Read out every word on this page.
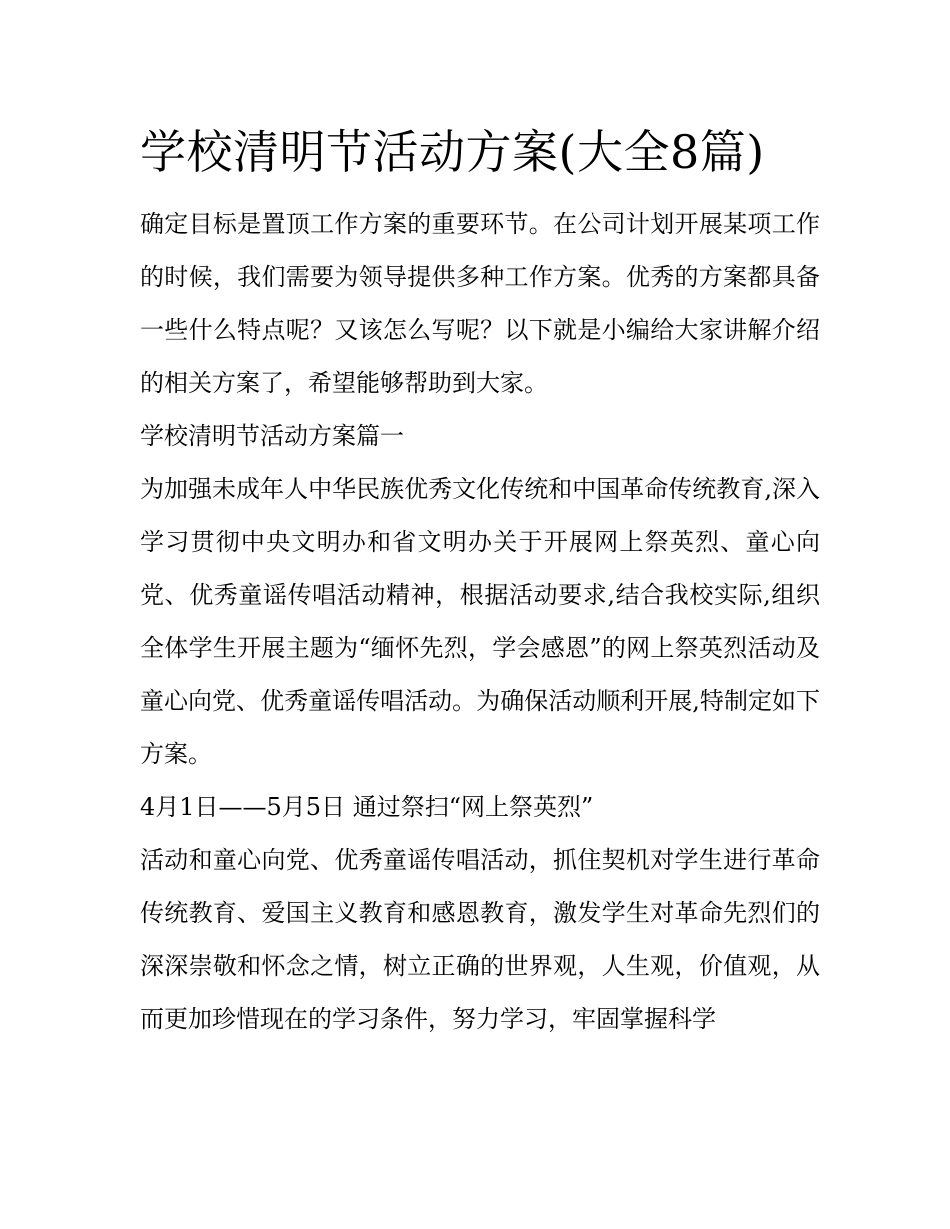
学校清明节活动方案(大全8篇)

确定目标是置顶工作方案的重要环节。在公司计划开展某项工作的时候，我们需要为领导提供多种工作方案。优秀的方案都具备一些什么特点呢？又该怎么写呢？以下就是小编给大家讲解介绍的相关方案了，希望能够帮助到大家。

学校清明节活动方案篇一

为加强未成年人中华民族优秀文化传统和中国革命传统教育,深入学习贯彻中央文明办和省文明办关于开展网上祭英烈、童心向党、优秀童谣传唱活动精神，根据活动要求,结合我校实际,组织全体学生开展主题为“缅怀先烈，学会感恩”的网上祭英烈活动及童心向党、优秀童谣传唱活动。为确保活动顺利开展,特制定如下方案。

4月1日——5月5日 通过祭扫“网上祭英烈”

活动和童心向党、优秀童谣传唱活动，抓住契机对学生进行革命传统教育、爱国主义教育和感恩教育，激发学生对革命先烈们的深深崇敬和怀念之情，树立正确的世界观，人生观，价值观，从而更加珍惜现在的学习条件，努力学习，牢固掌握科学
